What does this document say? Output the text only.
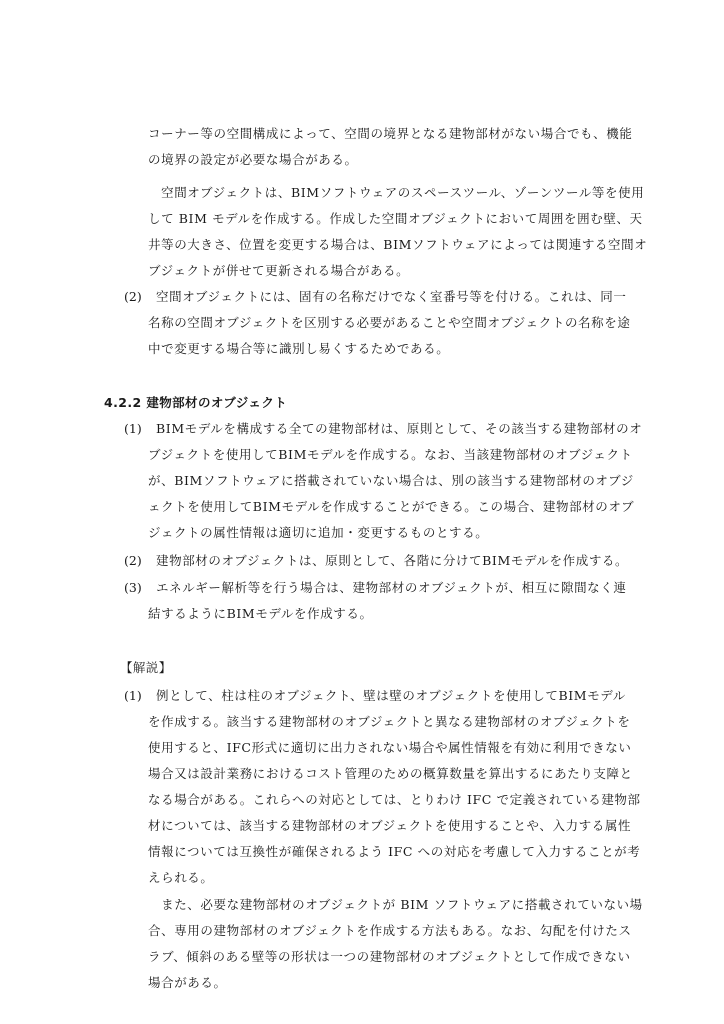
コーナー等の空間構成によって、空間の境界となる建物部材がない場合でも、機能
の境界の設定が必要な場合がある。
　空間オブジェクトは、BIMソフトウェアのスペースツール、ゾーンツール等を使用
して BIM モデルを作成する。作成した空間オブジェクトにおいて周囲を囲む壁、天
井等の大きさ、位置を変更する場合は、BIMソフトウェアによっては関連する空間オ
ブジェクトが併せて更新される場合がある。
(2) 空間オブジェクトには、固有の名称だけでなく室番号等を付ける。これは、同一
名称の空間オブジェクトを区別する必要があることや空間オブジェクトの名称を途
中で変更する場合等に識別し易くするためである。
4.2.2 建物部材のオブジェクト
(1) BIMモデルを構成する全ての建物部材は、原則として、その該当する建物部材のオ
ブジェクトを使用してBIMモデルを作成する。なお、当該建物部材のオブジェクト
が、BIMソフトウェアに搭載されていない場合は、別の該当する建物部材のオブジ
ェクトを使用してBIMモデルを作成することができる。この場合、建物部材のオブ
ジェクトの属性情報は適切に追加・変更するものとする。
(2) 建物部材のオブジェクトは、原則として、各階に分けてBIMモデルを作成する。
(3) エネルギー解析等を行う場合は、建物部材のオブジェクトが、相互に隙間なく連
結するようにBIMモデルを作成する。
【解説】
(1) 例として、柱は柱のオブジェクト、壁は壁のオブジェクトを使用してBIMモデル
を作成する。該当する建物部材のオブジェクトと異なる建物部材のオブジェクトを
使用すると、IFC形式に適切に出力されない場合や属性情報を有効に利用できない
場合又は設計業務におけるコスト管理のための概算数量を算出するにあたり支障と
なる場合がある。これらへの対応としては、とりわけ IFC で定義されている建物部
材については、該当する建物部材のオブジェクトを使用することや、入力する属性
情報については互換性が確保されるよう IFC への対応を考慮して入力することが考
えられる。
　また、必要な建物部材のオブジェクトが BIM ソフトウェアに搭載されていない場
合、専用の建物部材のオブジェクトを作成する方法もある。なお、勾配を付けたス
ラブ、傾斜のある壁等の形状は一つの建物部材のオブジェクトとして作成できない
場合がある。
